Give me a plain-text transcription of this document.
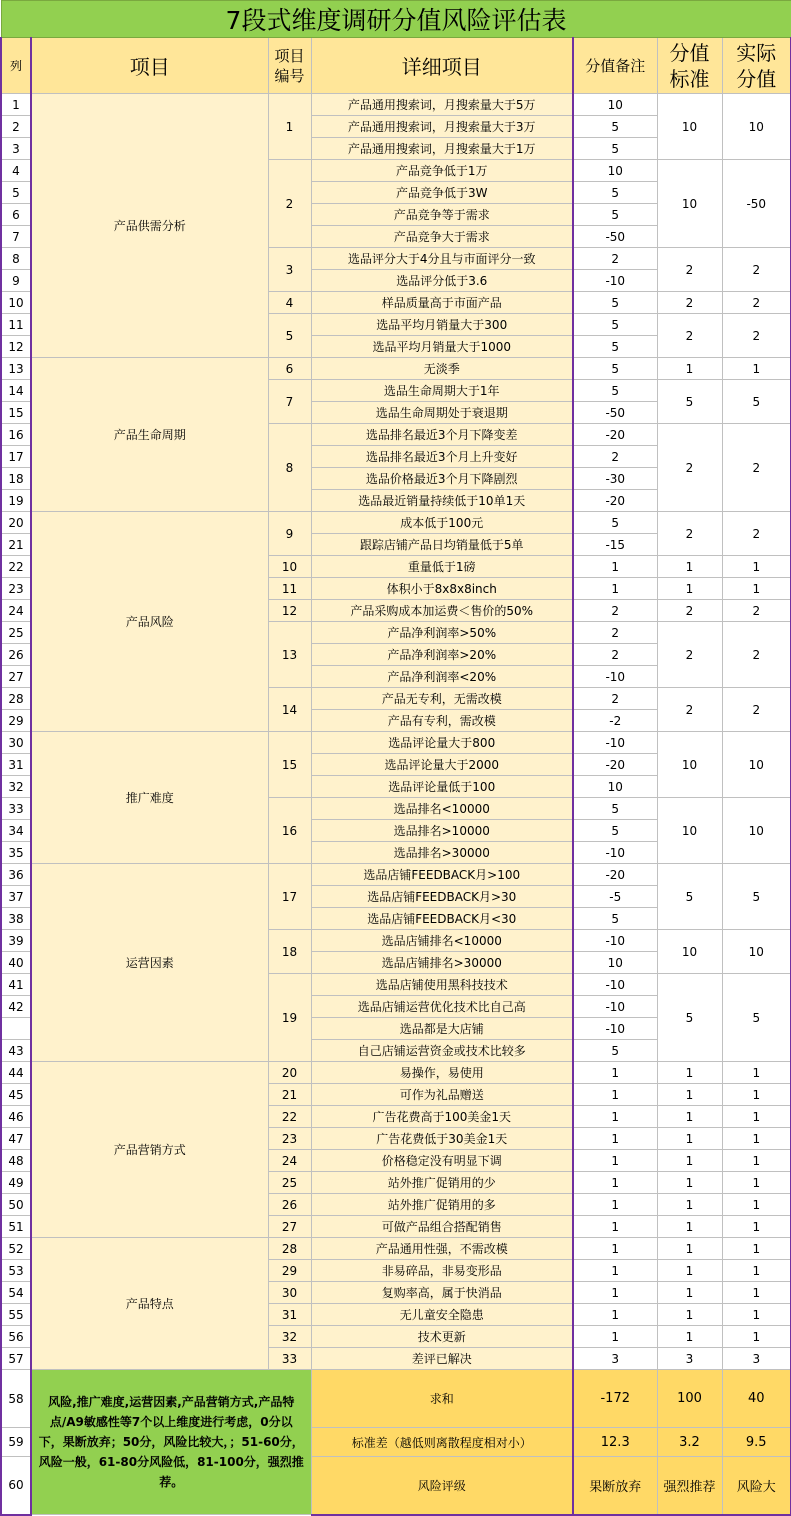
7段式维度调研分值风险评估表						
列	项目	项目编号	详细项目	分值备注	分值标准	实际分值
1	产品供需分析	1	产品通用搜索词，月搜索量大于5万	10	10	10
2			产品通用搜索词，月搜索量大于3万	5		
3			产品通用搜索词，月搜索量大于1万	5		
4		2	产品竞争低于1万	10	10	-50
5			产品竞争低于3W	5		
6			产品竞争等于需求	5		
7			产品竞争大于需求	-50		
8		3	选品评分大于4分且与市面评分一致	2	2	2
9			选品评分低于3.6	-10		
10		4	样品质量高于市面产品	5	2	2
11		5	选品平均月销量大于300	5	2	2
12			选品平均月销量大于1000	5		
13	产品生命周期	6	无淡季	5	1	1
14		7	选品生命周期大于1年	5	5	5
15			选品生命周期处于衰退期	-50		
16		8	选品排名最近3个月下降变差	-20	2	2
17			选品排名最近3个月上升变好	2		
18			选品价格最近3个月下降剧烈	-30		
19			选品最近销量持续低于10单1天	-20		
20	产品风险	9	成本低于100元	5	2	2
21			跟踪店铺产品日均销量低于5单	-15		
22		10	重量低于1磅	1	1	1
23		11	体积小于8x8x8inch	1	1	1
24		12	产品采购成本加运费＜售价的50%	2	2	2
25		13	产品净利润率>50%	2	2	2
26			产品净利润率>20%	2		
27			产品净利润率<20%	-10		
28		14	产品无专利，无需改模	2	2	2
29			产品有专利，需改模	-2		
30	推广难度	15	选品评论量大于800	-10	10	10
31			选品评论量大于2000	-20		
32			选品评论量低于100	10		
33		16	选品排名<10000	5	10	10
34			选品排名>10000	5		
35			选品排名>30000	-10		
36	运营因素	17	选品店铺FEEDBACK月>100	-20	5	5
37			选品店铺FEEDBACK月>30	-5		
38			选品店铺FEEDBACK月<30	5		
39		18	选品店铺排名<10000	-10	10	10
40			选品店铺排名>30000	10		
41		19	选品店铺使用黑科技技术	-10	5	5
42			选品店铺运营优化技术比自己高	-10		
			选品都是大店铺	-10		
43			自己店铺运营资金或技术比较多	5		
44	产品营销方式	20	易操作，易使用	1	1	1
45		21	可作为礼品赠送	1	1	1
46		22	广告花费高于100美金1天	1	1	1
47		23	广告花费低于30美金1天	1	1	1
48		24	价格稳定没有明显下调	1	1	1
49		25	站外推广促销用的少	1	1	1
50		26	站外推广促销用的多	1	1	1
51		27	可做产品组合搭配销售	1	1	1
52	产品特点	28	产品通用性强，不需改模	1	1	1
53		29	非易碎品，非易变形品	1	1	1
54		30	复购率高，属于快消品	1	1	1
55		31	无儿童安全隐患	1	1	1
56		32	技术更新	1	1	1
57		33	差评已解决	3	3	3
58	风险,推广难度,运营因素,产品营销方式,产品特点/A9敏感性等7个以上维度进行考虑，0分以下，果断放弃；50分，风险比较大，；51-60分，风险一般，61-80分风险低，81-100分，强烈推荐。		求和	-172	100	40
59			标准差（越低则离散程度相对小）	12.3	3.2	9.5
60			风险评级	果断放弃	强烈推荐	风险大
